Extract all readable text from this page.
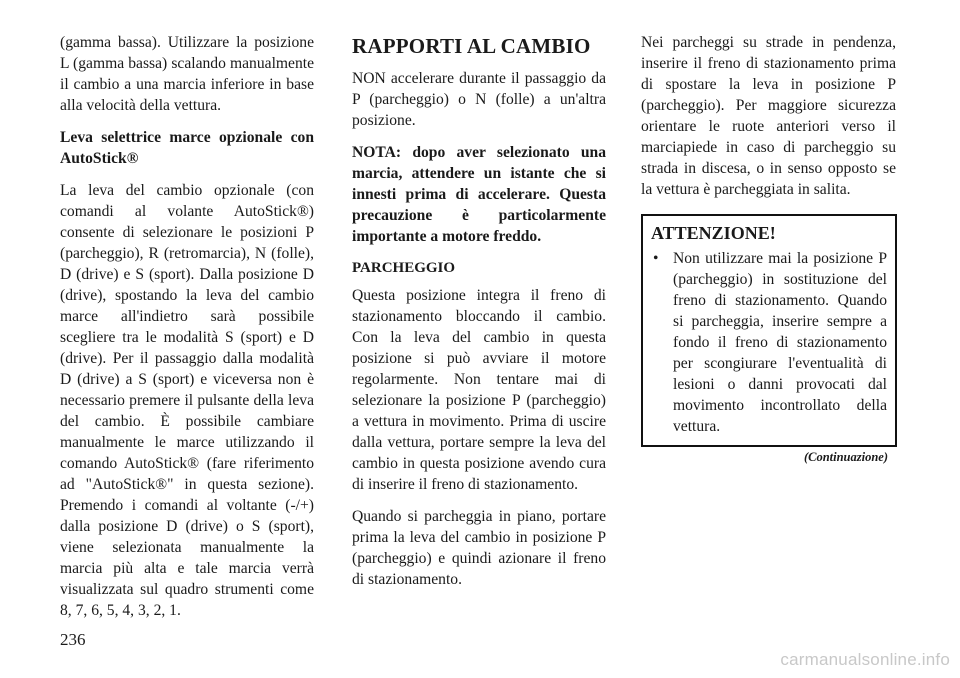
(gamma bassa). Utilizzare la posizione L (gamma bassa) scalando manualmente il cambio a una marcia inferiore in base alla velocità della vettura.

Leva selettrice marce opzionale con AutoStick®

La leva del cambio opzionale (con comandi al volante AutoStick®) consente di selezionare le posizioni P (parcheggio), R (retromarcia), N (folle), D (drive) e S (sport). Dalla posizione D (drive), spostando la leva del cambio marce all'indietro sarà possibile scegliere tra le modalità S (sport) e D (drive). Per il passaggio dalla modalità D (drive) a S (sport) e viceversa non è necessario premere il pulsante della leva del cambio. È possibile cambiare manualmente le marce utilizzando il comando AutoStick® (fare riferimento ad "AutoStick®" in questa sezione). Premendo i comandi al voltante (-/+) dalla posizione D (drive) o S (sport), viene selezionata manualmente la marcia più alta e tale marcia verrà visualizzata sul quadro strumenti come 8, 7, 6, 5, 4, 3, 2, 1.

RAPPORTI AL CAMBIO

NON accelerare durante il passaggio da P (parcheggio) o N (folle) a un'altra posizione.

NOTA: dopo aver selezionato una marcia, attendere un istante che si innesti prima di accelerare. Questa precauzione è particolarmente importante a motore freddo.

PARCHEGGIO

Questa posizione integra il freno di stazionamento bloccando il cambio. Con la leva del cambio in questa posizione si può avviare il motore regolarmente. Non tentare mai di selezionare la posizione P (parcheggio) a vettura in movimento. Prima di uscire dalla vettura, portare sempre la leva del cambio in questa posizione avendo cura di inserire il freno di stazionamento.

Quando si parcheggia in piano, portare prima la leva del cambio in posizione P (parcheggio) e quindi azionare il freno di stazionamento.

Nei parcheggi su strade in pendenza, inserire il freno di stazionamento prima di spostare la leva in posizione P (parcheggio). Per maggiore sicurezza orientare le ruote anteriori verso il marciapiede in caso di parcheggio su strada in discesa, o in senso opposto se la vettura è parcheggiata in salita.

ATTENZIONE!
• Non utilizzare mai la posizione P (parcheggio) in sostituzione del freno di stazionamento. Quando si parcheggia, inserire sempre a fondo il freno di stazionamento per scongiurare l'eventualità di lesioni o danni provocati dal movimento incontrollato della vettura.
(Continuazione)
236
carmanualsonline.info
